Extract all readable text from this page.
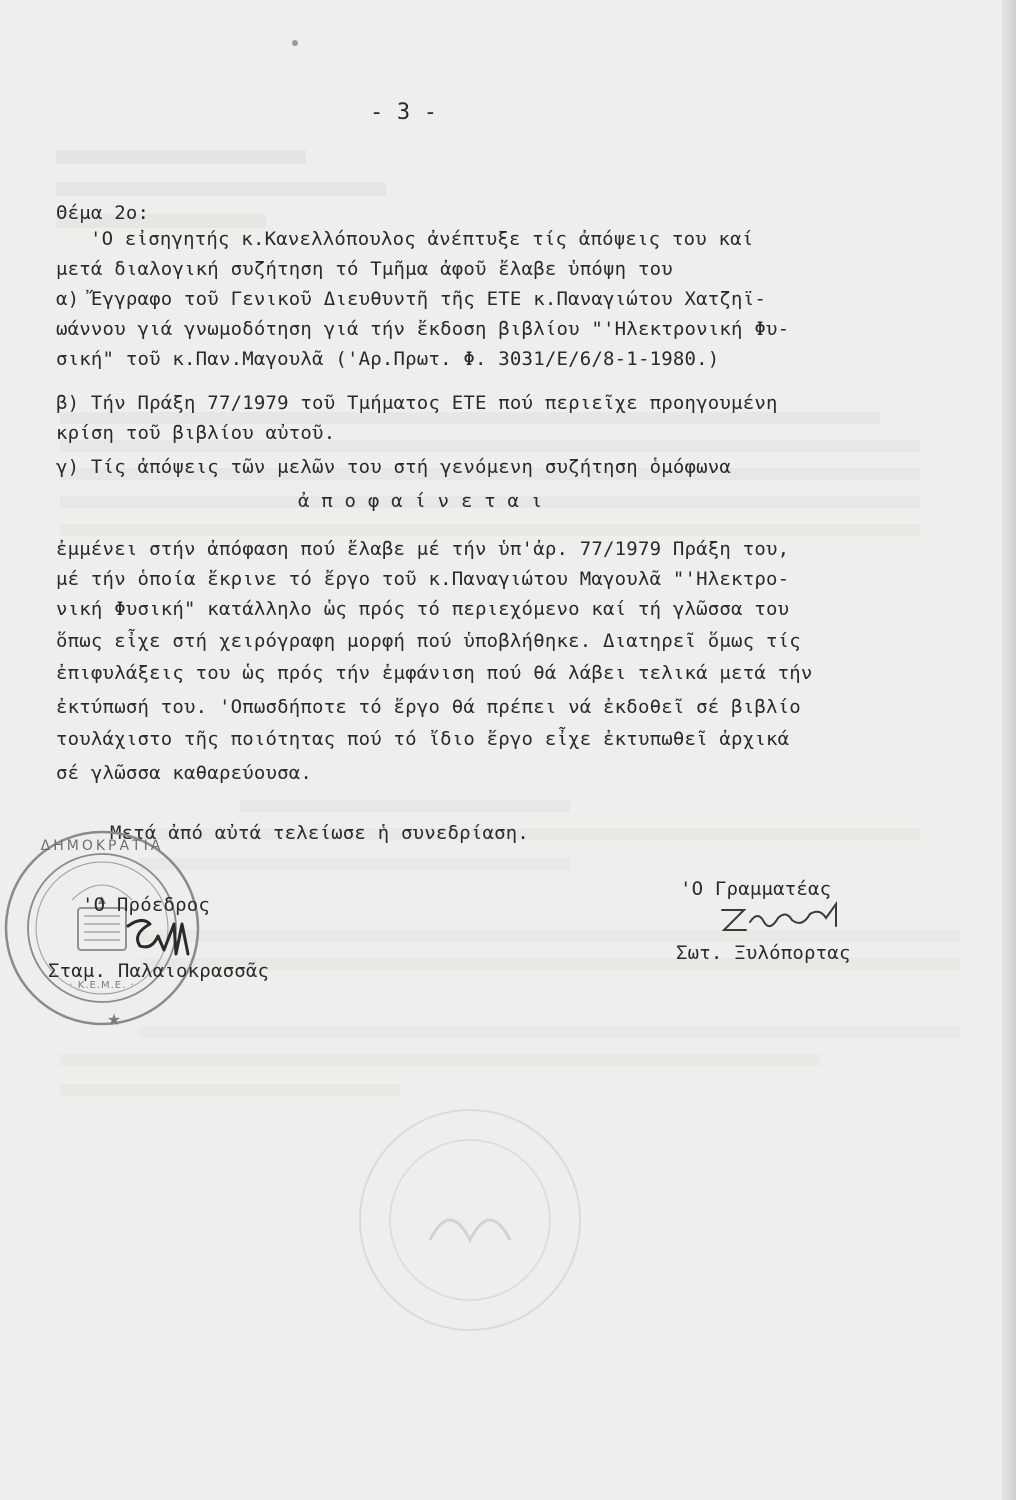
- 3 -
Θέμα 2ο:
'Ο εἰσηγητής κ.Κανελλόπουλος ἀνέπτυξε τίς ἀπόψεις του καί
μετά διαλογική συζήτηση τό Τμῆμα ἀφοῦ ἔλαβε ὑπόψη του
α) Ἔγγραφο τοῦ Γενικοῦ Διευθυντῆ τῆς ΕΤΕ κ.Παναγιώτου Χατζηϊ-
ωάννου γιά γνωμοδότηση γιά τήν ἔκδοση βιβλίου "'Ηλεκτρονική Φυ-
σική" τοῦ κ.Παν.Μαγουλᾶ ('Αρ.Πρωτ. Φ. 3031/Ε/6/8-1-1980.)
β) Τήν Πράξη 77/1979 τοῦ Τμήματος ΕΤΕ πού περιεῖχε προηγουμένη
κρίση τοῦ βιβλίου αὐτοῦ.
γ) Τίς ἀπόψεις τῶν μελῶν του στή γενόμενη συζήτηση ὁμόφωνα
ἀ π ο φ α ί ν ε τ α ι
ἐμμένει στήν ἀπόφαση πού ἔλαβε μέ τήν ὑπ'ἀρ. 77/1979 Πράξη του,
μέ τήν ὁποία ἔκρινε τό ἔργο τοῦ κ.Παναγιώτου Μαγουλᾶ "'Ηλεκτρο-
νική Φυσική" κατάλληλο ὡς πρός τό περιεχόμενο καί τή γλῶσσα του
ὅπως εἶχε στή χειρόγραφη μορφή πού ὑποβλήθηκε. Διατηρεῖ ὅμως τίς
ἐπιφυλάξεις του ὡς πρός τήν ἐμφάνιση πού θά λάβει τελικά μετά τήν
ἐκτύπωσή του. 'Οπωσδήποτε τό ἔργο θά πρέπει νά ἐκδοθεῖ σέ βιβλίο
τουλάχιστο τῆς ποιότητας πού τό ἴδιο ἔργο εἶχε ἐκτυπωθεῖ ἀρχικά
σέ γλῶσσα καθαρεύουσα.
Μετά ἀπό αὐτά τελείωσε ἡ συνεδρίαση.
· Κ.Ε.Μ.Ε. ·
ΔΗΜΟΚΡΑΤΙΑ
★
'Ο Πρόεδρος
Σταμ. Παλαιοκρασσᾶς
'Ο Γραμματέας
Σωτ. Ξυλόπορτας
